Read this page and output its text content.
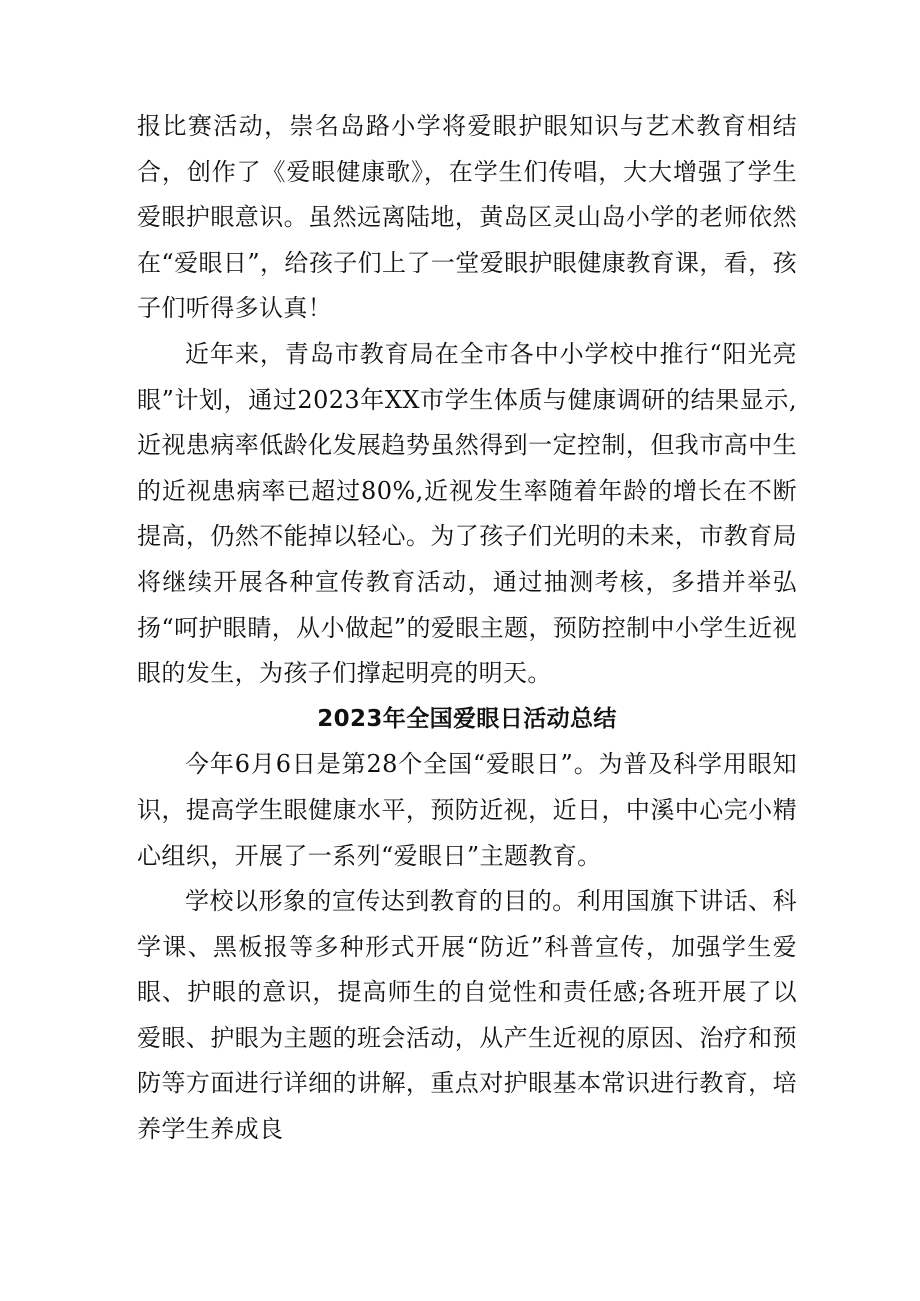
报比赛活动，崇名岛路小学将爱眼护眼知识与艺术教育相结合，创作了《爱眼健康歌》，在学生们传唱，大大增强了学生爱眼护眼意识。虽然远离陆地，黄岛区灵山岛小学的老师依然在“爱眼日”，给孩子们上了一堂爱眼护眼健康教育课，看，孩子们听得多认真！

近年来，青岛市教育局在全市各中小学校中推行“阳光亮眼”计划，通过2023年XX市学生体质与健康调研的结果显示,近视患病率低龄化发展趋势虽然得到一定控制，但我市高中生的近视患病率已超过80%,近视发生率随着年龄的增长在不断提高，仍然不能掉以轻心。为了孩子们光明的未来，市教育局将继续开展各种宣传教育活动，通过抽测考核，多措并举弘扬“呵护眼睛，从小做起”的爱眼主题，预防控制中小学生近视眼的发生，为孩子们撑起明亮的明天。

2023年全国爱眼日活动总结

今年6月6日是第28个全国“爱眼日”。为普及科学用眼知识，提高学生眼健康水平，预防近视，近日，中溪中心完小精心组织，开展了一系列“爱眼日”主题教育。

学校以形象的宣传达到教育的目的。利用国旗下讲话、科学课、黑板报等多种形式开展“防近”科普宣传，加强学生爱眼、护眼的意识，提高师生的自觉性和责任感;各班开展了以爱眼、护眼为主题的班会活动，从产生近视的原因、治疗和预防等方面进行详细的讲解，重点对护眼基本常识进行教育，培养学生养成良
